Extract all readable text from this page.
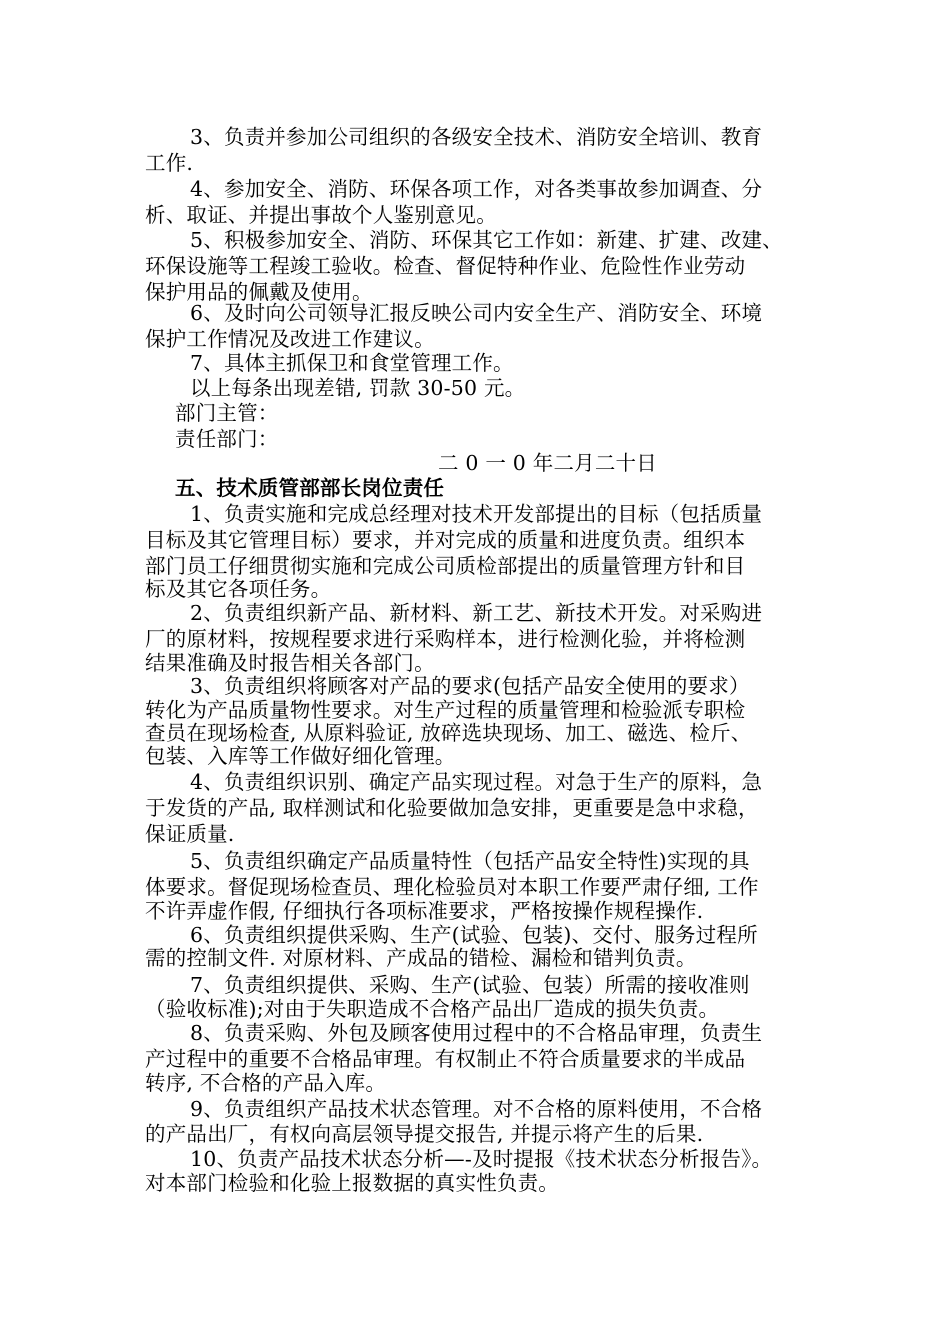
3、负责并参加公司组织的各级安全技术、消防安全培训、教育

工作.

4、参加安全、消防、环保各项工作，对各类事故参加调查、分

析、取证、并提出事故个人鉴别意见。

5、积极参加安全、消防、环保其它工作如：新建、扩建、改建、

环保设施等工程竣工验收。检查、督促特种作业、危险性作业劳动

保护用品的佩戴及使用。

6、及时向公司领导汇报反映公司内安全生产、消防安全、环境

保护工作情况及改进工作建议。

7、具体主抓保卫和食堂管理工作。

以上每条出现差错, 罚款 30-50 元。

部门主管：

责任部门：

二 0 一 0 年二月二十日

五、技术质管部部长岗位责任

1、负责实施和完成总经理对技术开发部提出的目标（包括质量

目标及其它管理目标）要求，并对完成的质量和进度负责。组织本

部门员工仔细贯彻实施和完成公司质检部提出的质量管理方针和目

标及其它各项任务。

2、负责组织新产品、新材料、新工艺、新技术开发。对采购进

厂的原材料，按规程要求进行采购样本，进行检测化验，并将检测

结果准确及时报告相关各部门。

3、负责组织将顾客对产品的要求(包括产品安全使用的要求）

转化为产品质量物性要求。对生产过程的质量管理和检验派专职检

查员在现场检查, 从原料验证, 放碎选块现场、加工、磁选、检斤、

包装、入库等工作做好细化管理。

4、负责组织识别、确定产品实现过程。对急于生产的原料，急

于发货的产品, 取样测试和化验要做加急安排，更重要是急中求稳，

保证质量.

5、负责组织确定产品质量特性（包括产品安全特性)实现的具

体要求。督促现场检查员、理化检验员对本职工作要严肃仔细, 工作

不许弄虚作假, 仔细执行各项标准要求，严格按操作规程操作.

6、负责组织提供采购、生产(试验、包装)、交付、服务过程所

需的控制文件. 对原材料、产成品的错检、漏检和错判负责。

7、负责组织提供、采购、生产(试验、包装）所需的接收准则

（验收标准);对由于失职造成不合格产品出厂造成的损失负责。

8、负责采购、外包及顾客使用过程中的不合格品审理，负责生

产过程中的重要不合格品审理。有权制止不符合质量要求的半成品

转序, 不合格的产品入库。

9、负责组织产品技术状态管理。对不合格的原料使用，不合格

的产品出厂，有权向高层领导提交报告, 并提示将产生的后果.

10、负责产品技术状态分析—-及时提报《技术状态分析报告》。

对本部门检验和化验上报数据的真实性负责。
